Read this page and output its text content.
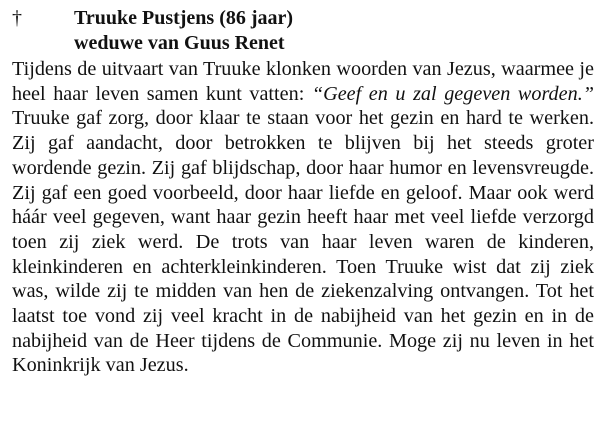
†	Truuke Pustjens (86 jaar)
weduwe van Guus Renet
Tijdens de uitvaart van Truuke klonken woorden van Jezus, waarmee je heel haar leven samen kunt vatten: “Geef en u zal gegeven worden.” Truuke gaf zorg, door klaar te staan voor het gezin en hard te werken. Zij gaf aandacht, door betrokken te blijven bij het steeds groter wordende gezin. Zij gaf blijdschap, door haar humor en levensvreugde. Zij gaf een goed voorbeeld, door haar liefde en geloof. Maar ook werd háár veel gegeven, want haar gezin heeft haar met veel liefde verzorgd toen zij ziek werd. De trots van haar leven waren de kinderen, kleinkinderen en achterkleinkinderen. Toen Truuke wist dat zij ziek was, wilde zij te midden van hen de ziekenzalving ontvangen. Tot het laatst toe vond zij veel kracht in de nabijheid van het gezin en in de nabijheid van de Heer tijdens de Communie. Moge zij nu leven in het Koninkrijk van Jezus.
